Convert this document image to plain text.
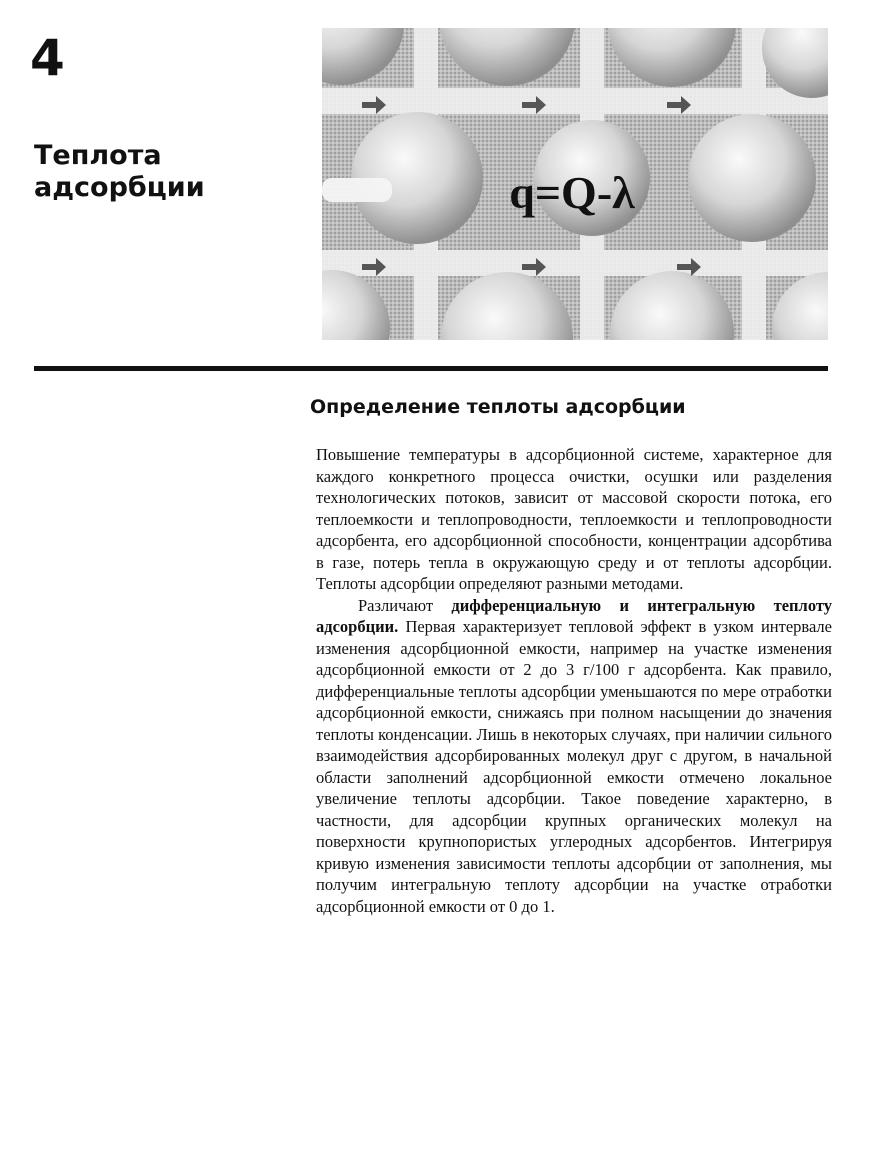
4
Теплота адсорбции	q=Q-λ
Определение теплоты адсорбции

Повышение температуры в адсорбционной системе, характерное для каждого конкретного процесса очистки, осушки или разделения технологических потоков, зависит от массовой скорости потока, его теплоемкости и теплопроводности, теплоемкости и теплопроводности адсорбента, его адсорбционной способности, концентрации адсорбтива в газе, потерь тепла в окружающую среду и от теплоты адсорбции. Теплоты адсорбции определяют разными методами.

Различают дифференциальную и интегральную теплоту адсорбции. Первая характеризует тепловой эффект в узком интервале изменения адсорбционной емкости, например на участке изменения адсорбционной емкости от 2 до 3 г/100 г адсорбента. Как правило, дифференциальные теплоты адсорбции уменьшаются по мере отработки адсорбционной емкости, снижаясь при полном насыщении до значения теплоты конденсации. Лишь в некоторых случаях, при наличии сильного взаимодействия адсорбированных молекул друг с другом, в начальной области заполнений адсорбционной емкости отмечено локальное увеличение теплоты адсорбции. Такое поведение характерно, в частности, для адсорбции крупных органических молекул на поверхности крупнопористых углеродных адсорбентов. Интегрируя кривую изменения зависимости теплоты адсорбции от заполнения, мы получим интегральную теплоту адсорбции на участке отработки адсорбционной емкости от 0 до 1.
